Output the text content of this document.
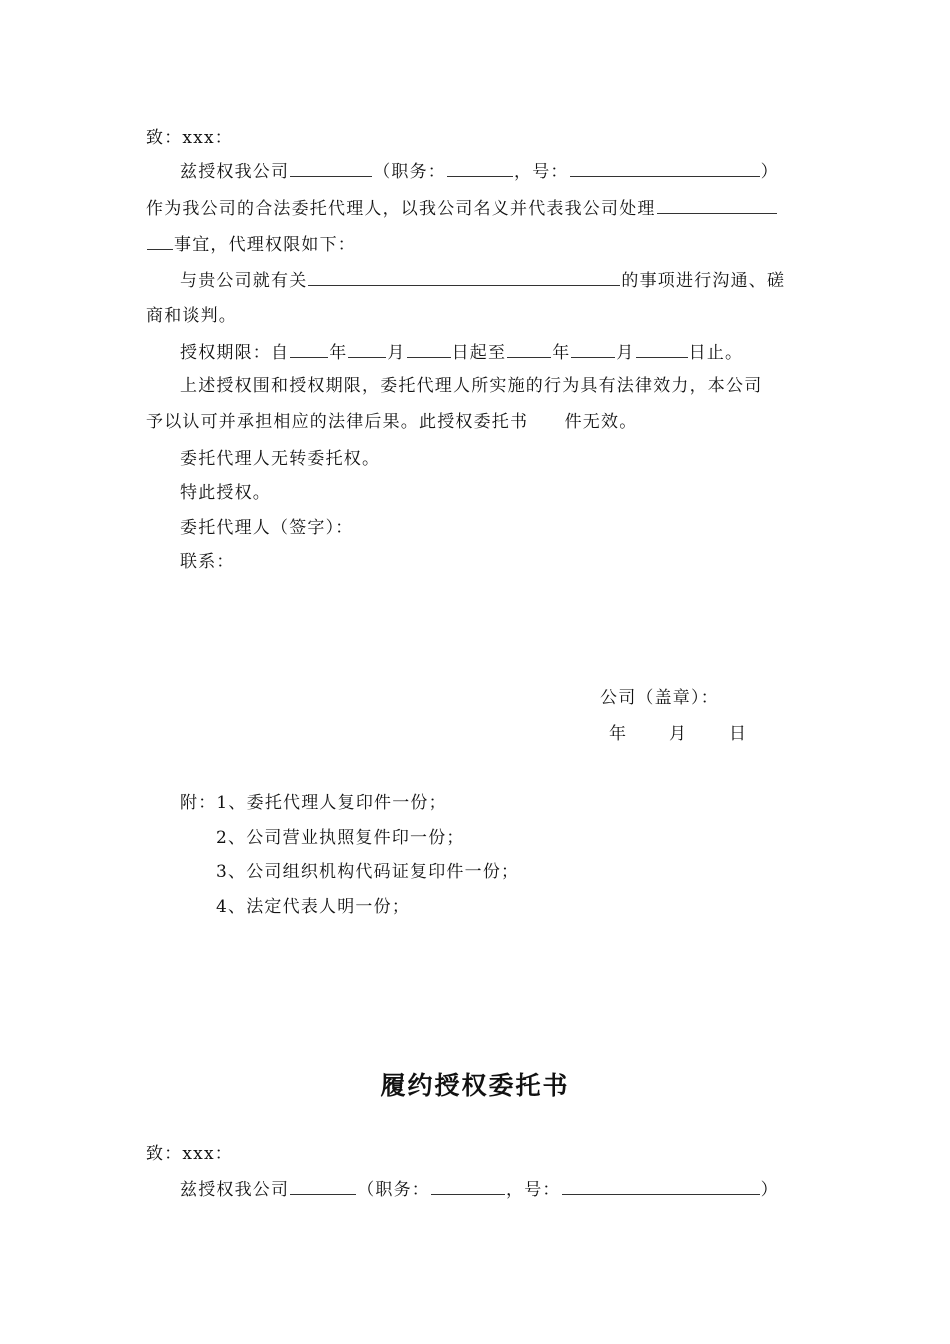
致：xxx：
兹授权我公司	（职务：	，号：	）
作为我公司的合法委托代理人，以我公司名义并代表我公司处理
事宜，代理权限如下：
与贵公司就有关	的事项进行沟通、磋
商和谈判。
授权期限：自 年 月	日起至	年	月	日止。
上述授权围和授权期限，委托代理人所实施的行为具有法律效力，本公司
予以认可并承担相应的法律后果。此授权委托书　　件无效。
委托代理人无转委托权。
特此授权。
委托代理人（签字）：
联系：
公司（盖章）：
年　　月　　日
附：1、委托代理人复印件一份；
2、公司营业执照复件印一份；
3、公司组织机构代码证复印件一份；
4、法定代表人明一份；
履约授权委托书
致：xxx：
兹授权我公司	（职务：	，号：	）
